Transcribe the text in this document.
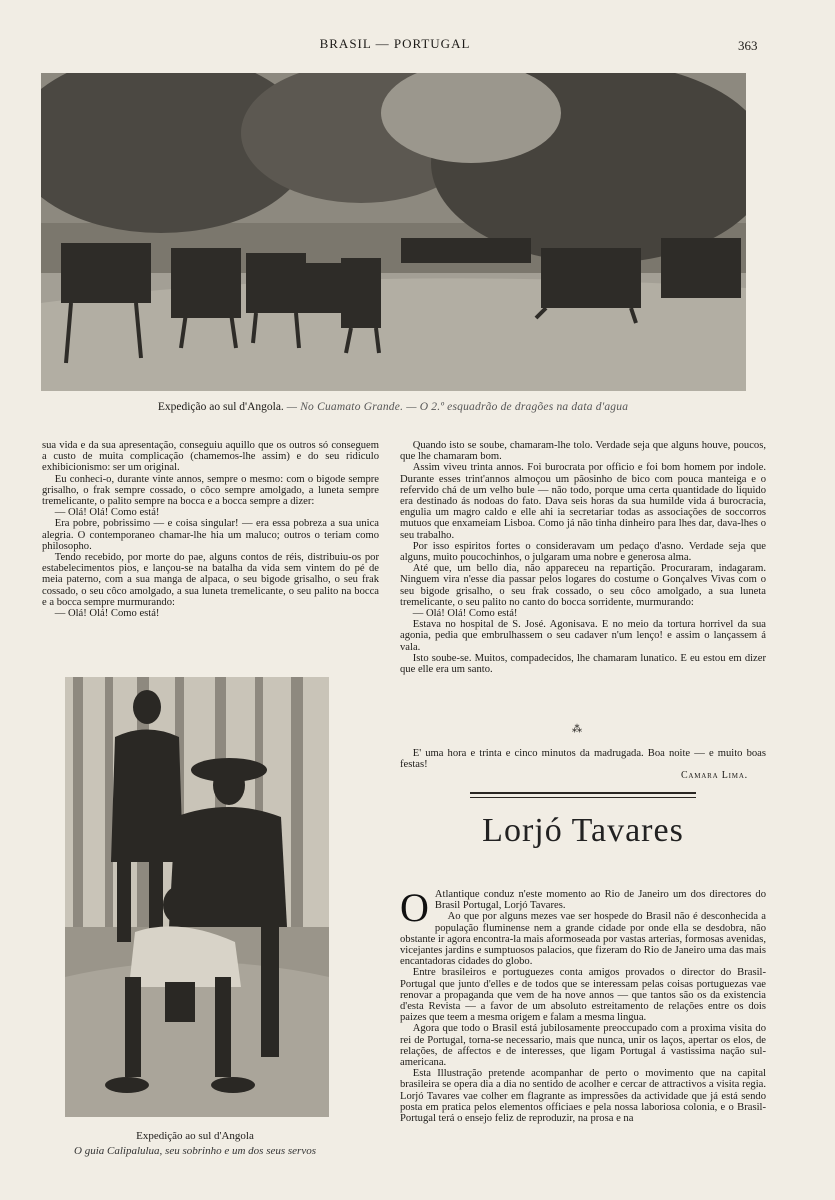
BRASIL — PORTUGAL	363
Expedição ao sul d'Angola. — No Cuamato Grande. — O 2.º esquadrão de dragões na data d'agua

sua vida e da sua apresentação, conseguiu aquillo que os outros só conseguem a custo de muita complicação (chamemos-lhe assim) e do seu ridiculo exhibicionismo: ser um original.

Eu conheci-o, durante vinte annos, sempre o mesmo: com o bigode sempre grisalho, o frak sempre cossado, o côco sempre amolgado, a luneta sempre tremelicante, o palito sempre na bocca e a bocca sempre a dizer:

— Olá! Olá! Como está!

Era pobre, pobrissimo — e coisa singular! — era essa pobreza a sua unica alegria. O contemporaneo chamar-lhe hia um maluco; outros o teriam como philosopho.

Tendo recebido, por morte do pae, alguns contos de réis, distribuiu-os por estabelecimentos pios, e lançou-se na batalha da vida sem vintem do pé de meia paterno, com a sua manga de alpaca, o seu bigode grisalho, o seu frak cossado, o seu côco amolgado, a sua luneta tremelicante, o seu palito na bocca e a bocca sempre murmurando:

— Olá! Olá! Como está!

Expedição ao sul d'Angola
O guia Calipalulua, seu sobrinho e um dos seus servos

Quando isto se soube, chamaram-lhe tolo. Verdade seja que alguns houve, poucos, que lhe chamaram bom.

Assim viveu trinta annos. Foi burocrata por officio e foi bom homem por indole. Durante esses trint'annos almoçou um pãosinho de bico com pouca manteiga e o refervido chá de um velho bule — não todo, porque uma certa quantidade do liquido era destinado ás nodoas do fato. Dava seis horas da sua humilde vida á burocracia, engulia um magro caldo e elle ahi ia secretariar todas as associações de soccorros mutuos que enxameiam Lisboa. Como já não tinha dinheiro para lhes dar, dava-lhes o seu trabalho.

Por isso espiritos fortes o consideravam um pedaço d'asno. Verdade seja que alguns, muito poucochinhos, o julgaram uma nobre e generosa alma.

Até que, um bello dia, não appareceu na repartição. Procuraram, indagaram. Ninguem vira n'esse dia passar pelos logares do costume o Gonçalves Vivas com o seu bigode grisalho, o seu frak cossado, o seu côco amolgado, a sua luneta tremelicante, o seu palito no canto do bocca sorridente, murmurando:

— Olá! Olá! Como está!

Estava no hospital de S. José. Agonisava. E no meio da tortura horrivel da sua agonia, pedia que embrulhassem o seu cadaver n'um lenço! e assim o lançassem á vala.

Isto soube-se. Muitos, compadecidos, lhe chamaram lunatico. E eu estou em dizer que elle era um santo.

⁂

E' uma hora e trinta e cinco minutos da madrugada. Boa noite — e muito boas festas!

Camara Lima.
Lorjó Tavares
O Atlantique conduz n'este momento ao Rio de Janeiro um dos directores do Brasil Portugal, Lorjó Tavares.

Ao que por alguns mezes vae ser hospede do Brasil não é desconhecida a população fluminense nem a grande cidade por onde ella se desdobra, não obstante ir agora encontra-la mais aformoseada por vastas arterias, formosas avenidas, vicejantes jardins e sumptuosos palacios, que fizeram do Rio de Janeiro uma das mais encantadoras cidades do globo.

Entre brasileiros e portuguezes conta amigos provados o director do Brasil-Portugal que junto d'elles e de todos que se interessam pelas coisas portuguezas vae renovar a propaganda que vem de ha nove annos — que tantos são os da existencia d'esta Revista — a favor de um absoluto estreitamento de relações entre os dois paizes que teem a mesma origem e falam a mesma lingua.

Agora que todo o Brasil está jubilosamente preoccupado com a proxima visita do rei de Portugal, torna-se necessario, mais que nunca, unir os laços, apertar os elos, de relações, de affectos e de interesses, que ligam Portugal á vastissima nação sul-americana.

Esta Illustração pretende acompanhar de perto o movimento que na capital brasileira se opera dia a dia no sentido de acolher e cercar de attractivos a visita regia. Lorjó Tavares vae colher em flagrante as impressões da actividade que já está sendo posta em pratica pelos elementos officiaes e pela nossa laboriosa colonia, e o Brasil-Portugal terá o ensejo feliz de reproduzir, na prosa e na
